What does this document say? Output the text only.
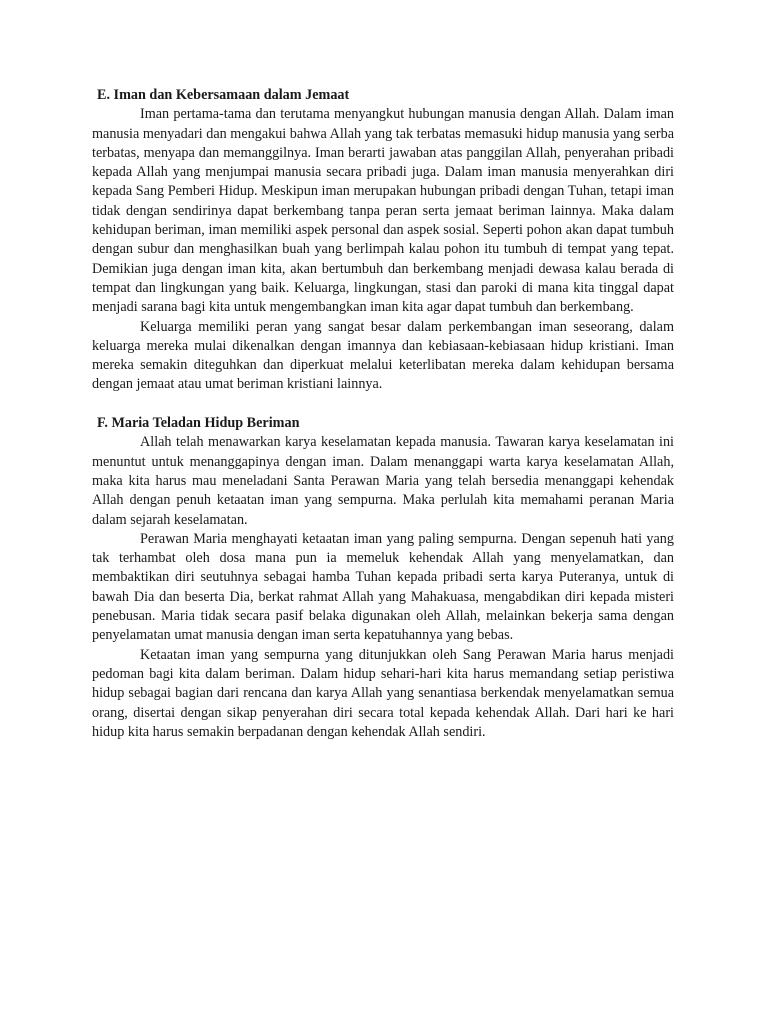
E. Iman dan Kebersamaan dalam Jemaat

Iman pertama-tama dan terutama menyangkut hubungan manusia dengan Allah. Dalam iman manusia menyadari dan mengakui bahwa Allah yang tak terbatas memasuki hidup manusia yang serba terbatas, menyapa dan memanggilnya. Iman berarti jawaban atas panggilan Allah, penyerahan pribadi kepada Allah yang menjumpai manusia secara pribadi juga. Dalam iman manusia menyerahkan diri kepada Sang Pemberi Hidup. Meskipun iman merupakan hubungan pribadi dengan Tuhan, tetapi iman tidak dengan sendirinya dapat berkembang tanpa peran serta jemaat beriman lainnya. Maka dalam kehidupan beriman, iman memiliki aspek personal dan aspek sosial. Seperti pohon akan dapat tumbuh dengan subur dan menghasilkan buah yang berlimpah kalau pohon itu tumbuh di tempat yang tepat. Demikian juga dengan iman kita, akan bertumbuh dan berkembang menjadi dewasa kalau berada di tempat dan lingkungan yang baik. Keluarga, lingkungan, stasi dan paroki di mana kita tinggal dapat menjadi sarana bagi kita untuk mengembangkan iman kita agar dapat tumbuh dan berkembang.

Keluarga memiliki peran yang sangat besar dalam perkembangan iman seseorang, dalam keluarga mereka mulai dikenalkan dengan imannya dan kebiasaan-kebiasaan hidup kristiani. Iman mereka semakin diteguhkan dan diperkuat melalui keterlibatan mereka dalam kehidupan bersama dengan jemaat atau umat beriman kristiani lainnya.

F. Maria Teladan Hidup Beriman

Allah telah menawarkan karya keselamatan kepada manusia. Tawaran karya keselamatan ini menuntut untuk menanggapinya dengan iman. Dalam menanggapi warta karya keselamatan Allah, maka kita harus mau meneladani Santa Perawan Maria yang telah bersedia menanggapi kehendak Allah dengan penuh ketaatan iman yang sempurna. Maka perlulah kita memahami peranan Maria dalam sejarah keselamatan.

Perawan Maria menghayati ketaatan iman yang paling sempurna. Dengan sepenuh hati yang tak terhambat oleh dosa mana pun ia memeluk kehendak Allah yang menyelamatkan, dan membaktikan diri seutuhnya sebagai hamba Tuhan kepada pribadi serta karya Puteranya, untuk di bawah Dia dan beserta Dia, berkat rahmat Allah yang Mahakuasa, mengabdikan diri kepada misteri penebusan. Maria tidak secara pasif belaka digunakan oleh Allah, melainkan bekerja sama dengan penyelamatan umat manusia dengan iman serta kepatuhannya yang bebas.

Ketaatan iman yang sempurna yang ditunjukkan oleh Sang Perawan Maria harus menjadi pedoman bagi kita dalam beriman. Dalam hidup sehari-hari kita harus memandang setiap peristiwa hidup sebagai bagian dari rencana dan karya Allah yang senantiasa berkendak menyelamatkan semua orang, disertai dengan sikap penyerahan diri secara total kepada kehendak Allah. Dari hari ke hari hidup kita harus semakin berpadanan dengan kehendak Allah sendiri.
